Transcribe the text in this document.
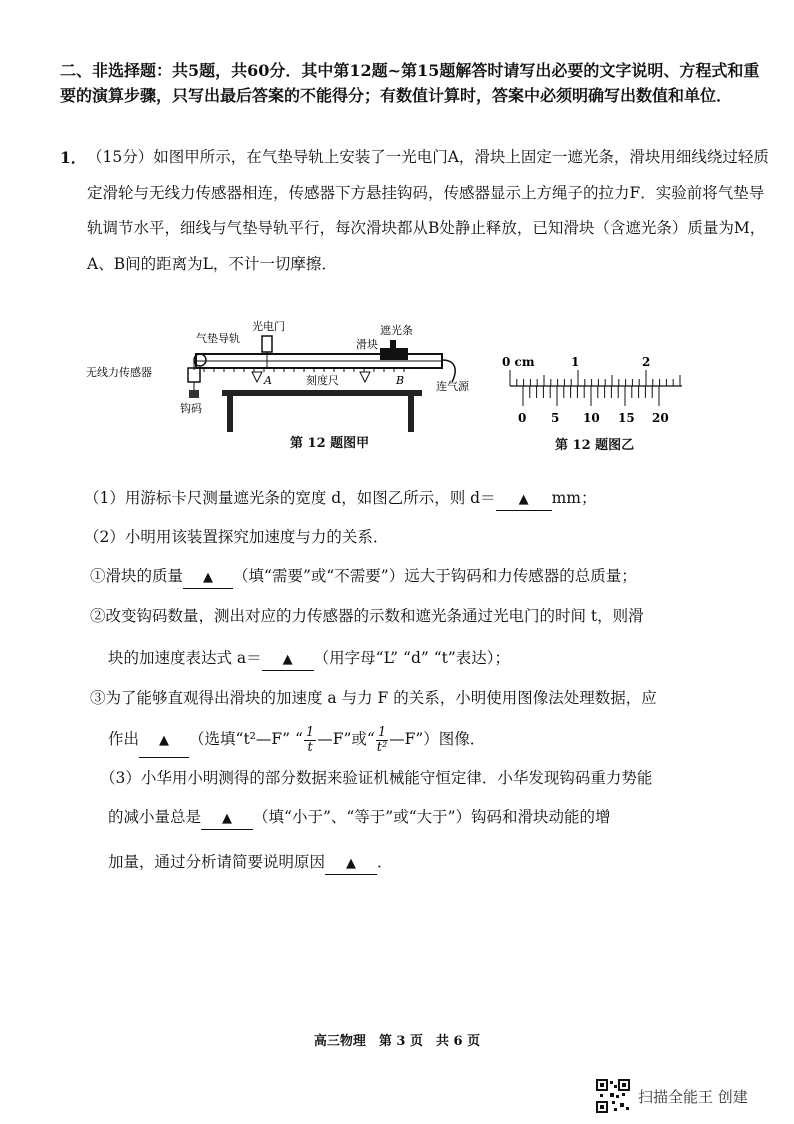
二、非选择题：共5题，共60分．其中第12题~第15题解答时请写出必要的文字说明、方程式和重要的演算步骤，只写出最后答案的不能得分；有数值计算时，答案中必须明确写出数值和单位．
1． （15分）如图甲所示，在气垫导轨上安装了一光电门A，滑块上固定一遮光条，滑块用细线绕过轻质定滑轮与无线力传感器相连，传感器下方悬挂钩码，传感器显示上方绳子的拉力F．实验前将气垫导轨调节水平，细线与气垫导轨平行，每次滑块都从B处静止释放，已知滑块（含遮光条）质量为M，A、B间的距离为L，不计一切摩擦．
光电门
气垫导轨
遮光条
滑块
无线力传感器
钩码
A	B
刻度尺	连气源
第 12 题图甲
0 cm	1	2
0 5 10 15 20
第 12 题图乙
（1）用游标卡尺测量遮光条的宽度 d，如图乙所示，则 d＝ ▲ mm；
（2）小明用该装置探究加速度与力的关系．
①滑块的质量 ▲ （填“需要”或“不需要”）远大于钩码和力传感器的总质量；
②改变钩码数量，测出对应的力传感器的示数和遮光条通过光电门的时间 t，则滑
块的加速度表达式 a＝ ▲ （用字母“L” “d” “t”表达）；
③为了能够直观得出滑块的加速度 a 与力 F 的关系，小明使用图像法处理数据，应
作出 ▲ （选填“t²—F” “ $\frac{1}{t}$ —F”或“ $\frac{1}{\text{t²}}$ —F”）图像．
（3）小华用小明测得的部分数据来验证机械能守恒定律．小华发现钩码重力势能
的减小量总是 ▲ （填“小于”、“等于”或“大于”）钩码和滑块动能的增
加量，通过分析请简要说明原因 ▲ ．
高三物理　第 3 页　共 6 页
扫描全能王 创建
